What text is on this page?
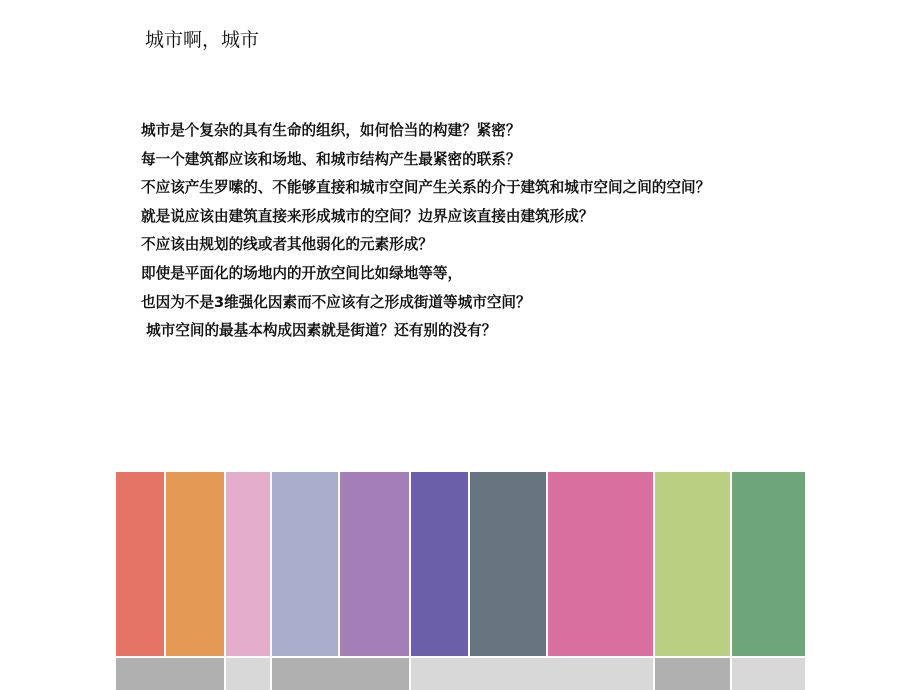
城市啊，城市
城市是个复杂的具有生命的组织，如何恰当的构建？紧密？
每一个建筑都应该和场地、和城市结构产生最紧密的联系？
不应该产生罗嗦的、不能够直接和城市空间产生关系的介于建筑和城市空间之间的空间？
就是说应该由建筑直接来形成城市的空间？边界应该直接由建筑形成？
不应该由规划的线或者其他弱化的元素形成？
即使是平面化的场地内的开放空间比如绿地等等，
也因为不是3维强化因素而不应该有之形成街道等城市空间？
城市空间的最基本构成因素就是街道？还有别的没有？
